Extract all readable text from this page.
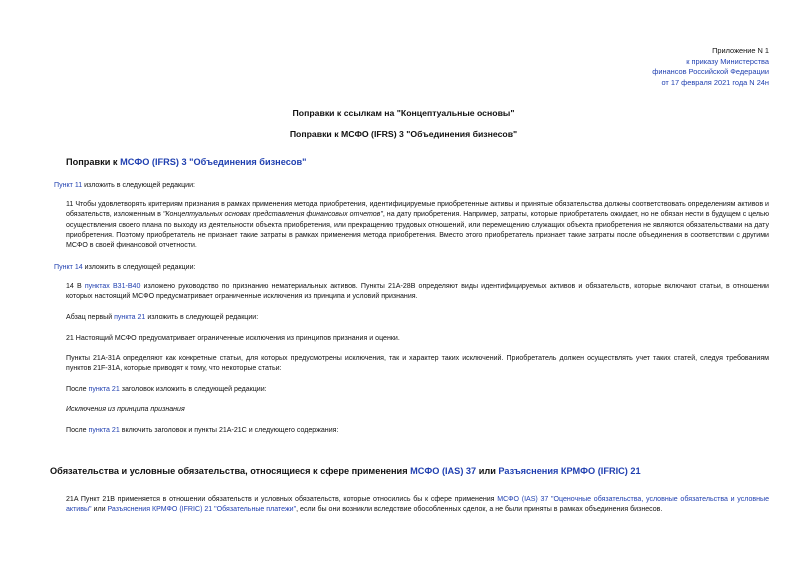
Приложение N 1
к приказу Министерства
финансов Российской Федерации
от 17 февраля 2021 года N 24н
Поправки к ссылкам на "Концептуальные основы"
Поправки к МСФО (IFRS) 3 "Объединения бизнесов"
Поправки к МСФО (IFRS) 3 "Объединения бизнесов"
Пункт 11 изложить в следующей редакции:
11 Чтобы удовлетворять критериям признания в рамках применения метода приобретения, идентифицируемые приобретенные активы и принятые обязательства должны соответствовать определениям активов и обязательств, изложенным в "Концептуальных основах представления финансовых отчетов", на дату приобретения. Например, затраты, которые приобретатель ожидает, но не обязан нести в будущем с целью осуществления своего плана по выходу из деятельности объекта приобретения, или прекращению трудовых отношений, или перемещению служащих объекта приобретения не являются обязательствами на дату приобретения. Поэтому приобретатель не признает такие затраты в рамках применения метода приобретения. Вместо этого приобретатель признает такие затраты после объединения в соответствии с другими МСФО в своей финансовой отчетности.
Пункт 14 изложить в следующей редакции:
14 В пунктах B31-B40 изложено руководство по признанию нематериальных активов. Пункты 21A-28B определяют виды идентифицируемых активов и обязательств, которые включают статьи, в отношении которых настоящий МСФО предусматривает ограниченные исключения из принципа и условий признания.
Абзац первый пункта 21 изложить в следующей редакции:
21 Настоящий МСФО предусматривает ограниченные исключения из принципов признания и оценки.
Пункты 21A-31A определяют как конкретные статьи, для которых предусмотрены исключения, так и характер таких исключений. Приобретатель должен осуществлять учет таких статей, следуя требованиям пунктов 21F-31A, которые приводят к тому, что некоторые статьи:
После пункта 21 заголовок изложить в следующей редакции:
Исключения из принципа признания
После пункта 21 включить заголовок и пункты 21A-21C и следующего содержания:
Обязательства и условные обязательства, относящиеся к сфере применения МСФО (IAS) 37 или Разъяснения КРМФО (IFRIC) 21
21A Пункт 21B применяется в отношении обязательств и условных обязательств, которые относились бы к сфере применения МСФО (IAS) 37 "Оценочные обязательства, условные обязательства и условные активы" или Разъяснения КРМФО (IFRIC) 21 "Обязательные платежи", если бы они возникли вследствие обособленных сделок, а не были приняты в рамках объединения бизнесов.
